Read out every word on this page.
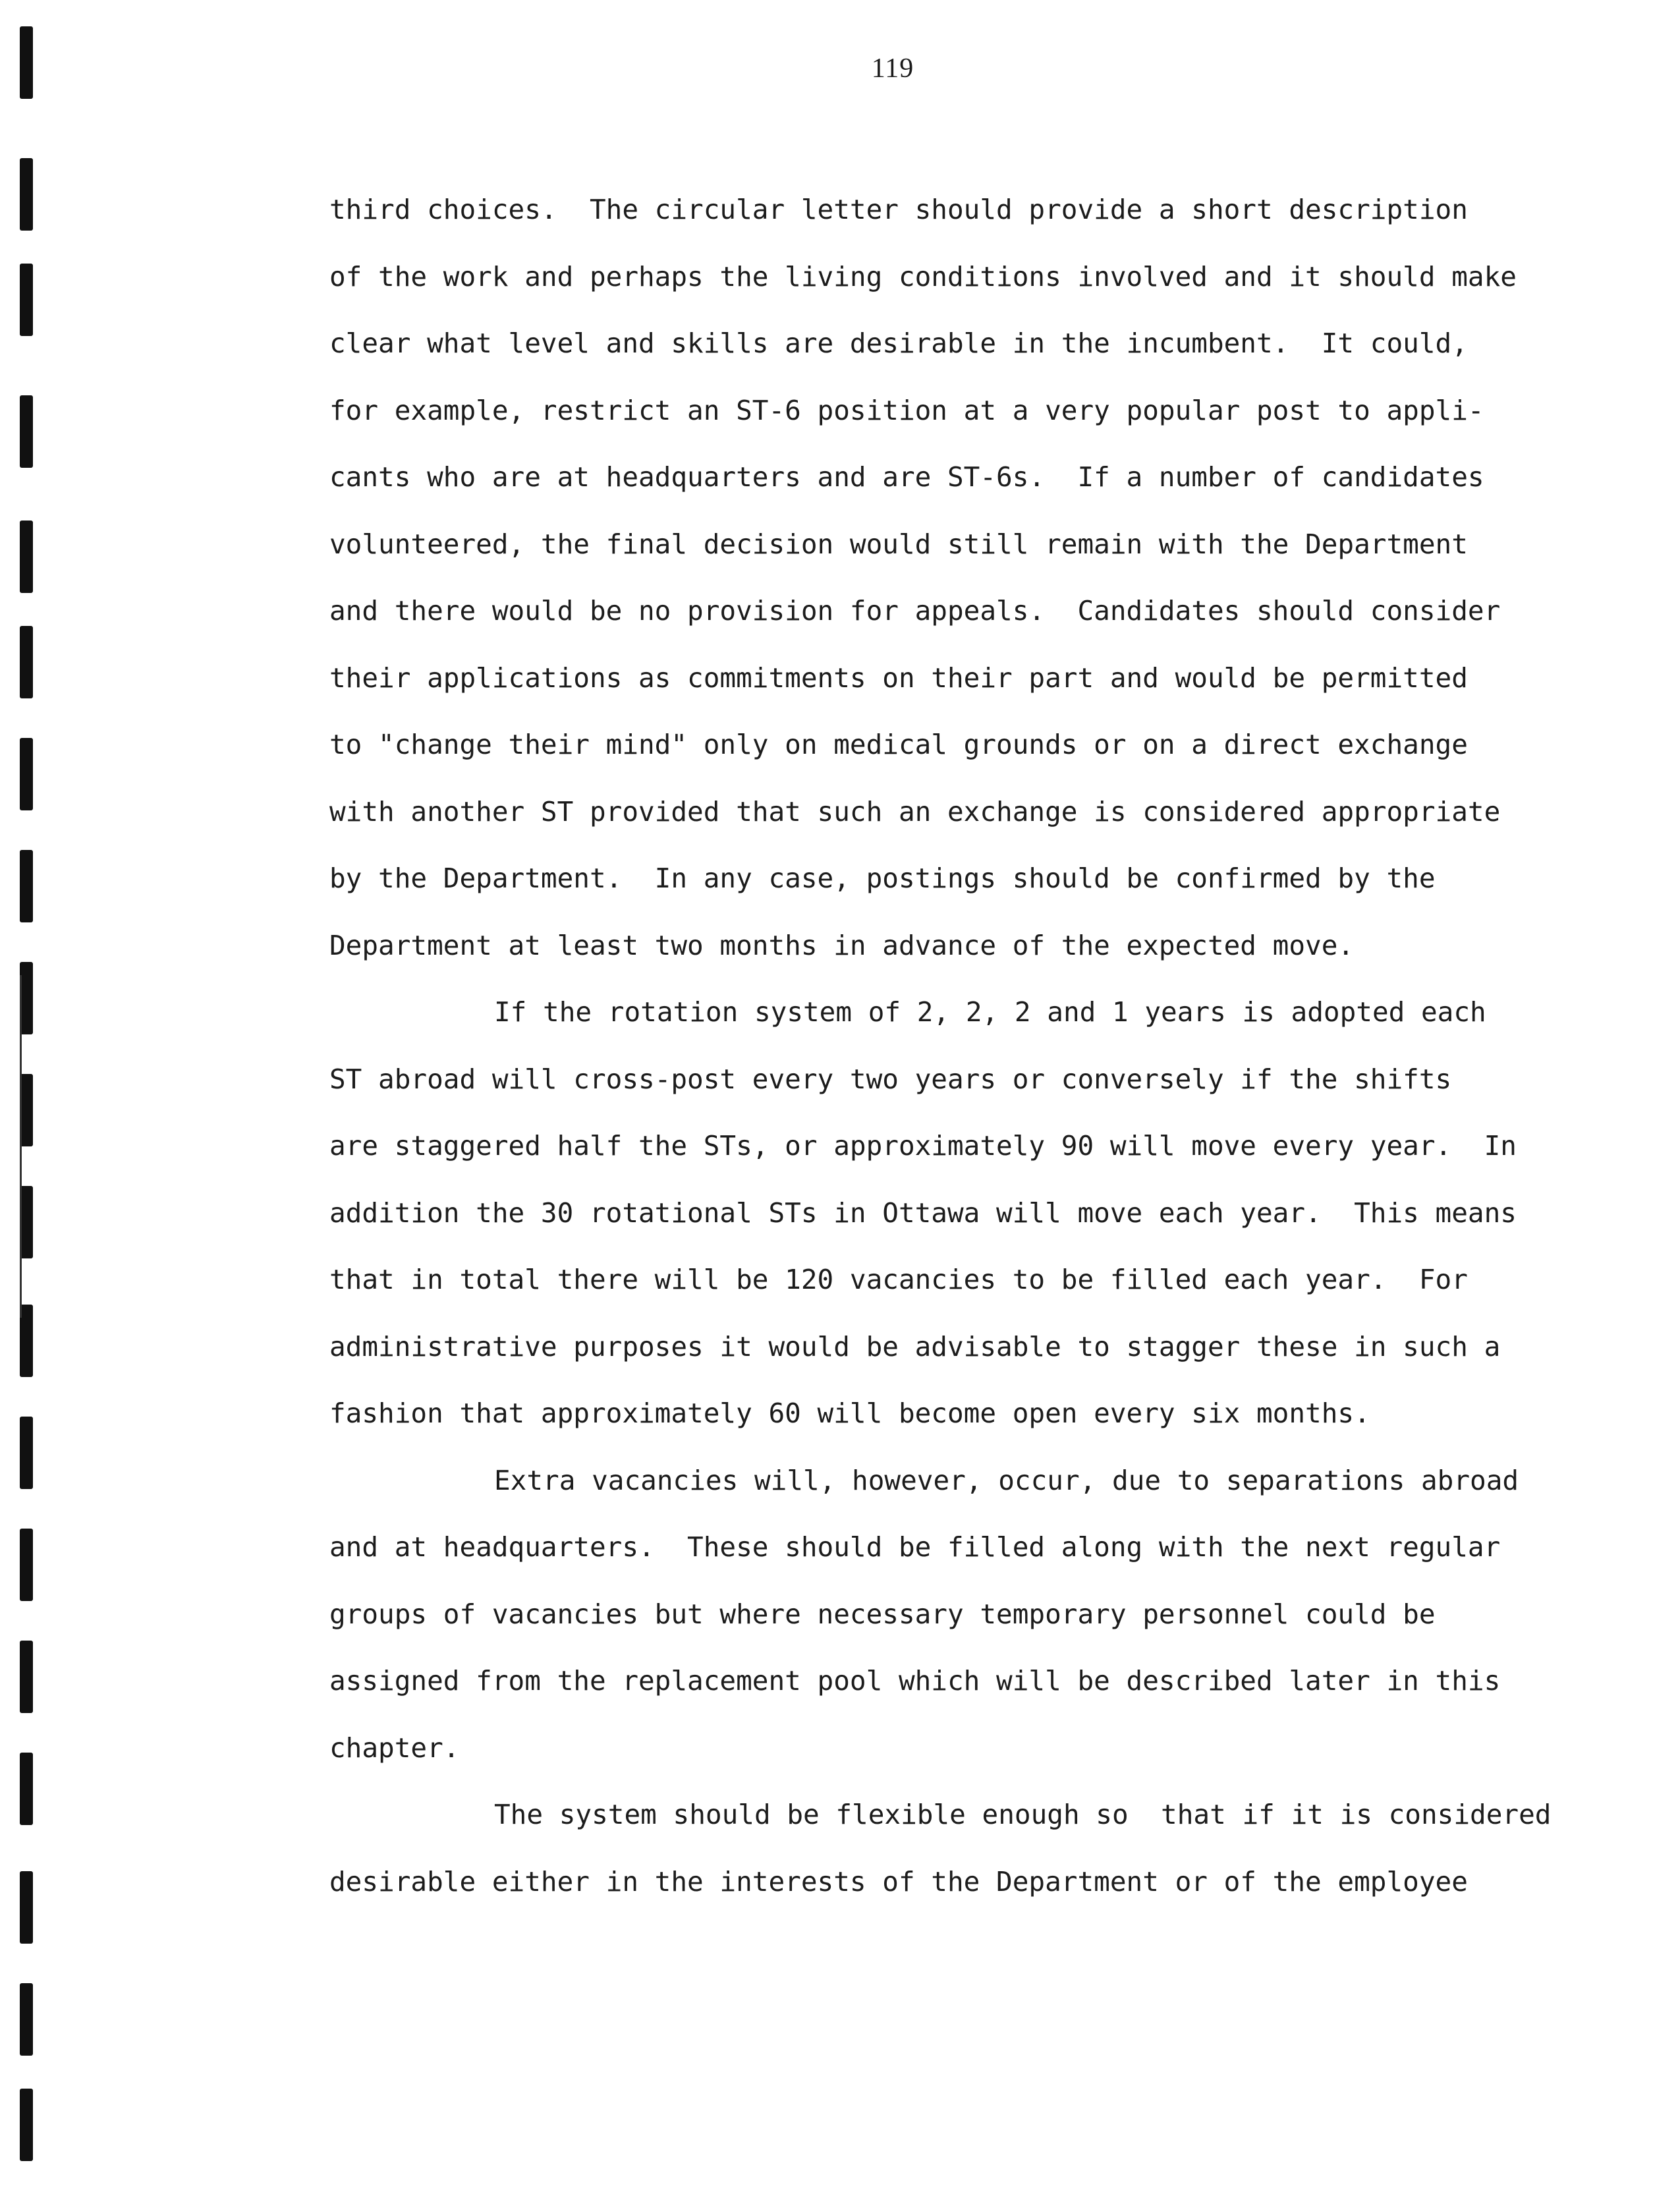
119
third choices.  The circular letter should provide a short description
of the work and perhaps the living conditions involved and it should make
clear what level and skills are desirable in the incumbent.  It could,
for example, restrict an ST-6 position at a very popular post to appli-
cants who are at headquarters and are ST-6s.  If a number of candidates
volunteered, the final decision would still remain with the Department
and there would be no provision for appeals.  Candidates should consider
their applications as commitments on their part and would be permitted
to "change their mind" only on medical grounds or on a direct exchange
with another ST provided that such an exchange is considered appropriate
by the Department.  In any case, postings should be confirmed by the
Department at least two months in advance of the expected move.
If the rotation system of 2, 2, 2 and 1 years is adopted each
ST abroad will cross-post every two years or conversely if the shifts
are staggered half the STs, or approximately 90 will move every year.  In
addition the 30 rotational STs in Ottawa will move each year.  This means
that in total there will be 120 vacancies to be filled each year.  For
administrative purposes it would be advisable to stagger these in such a
fashion that approximately 60 will become open every six months.
Extra vacancies will, however, occur, due to separations abroad
and at headquarters.  These should be filled along with the next regular
groups of vacancies but where necessary temporary personnel could be
assigned from the replacement pool which will be described later in this
chapter.
The system should be flexible enough so  that if it is considered
desirable either in the interests of the Department or of the employee
